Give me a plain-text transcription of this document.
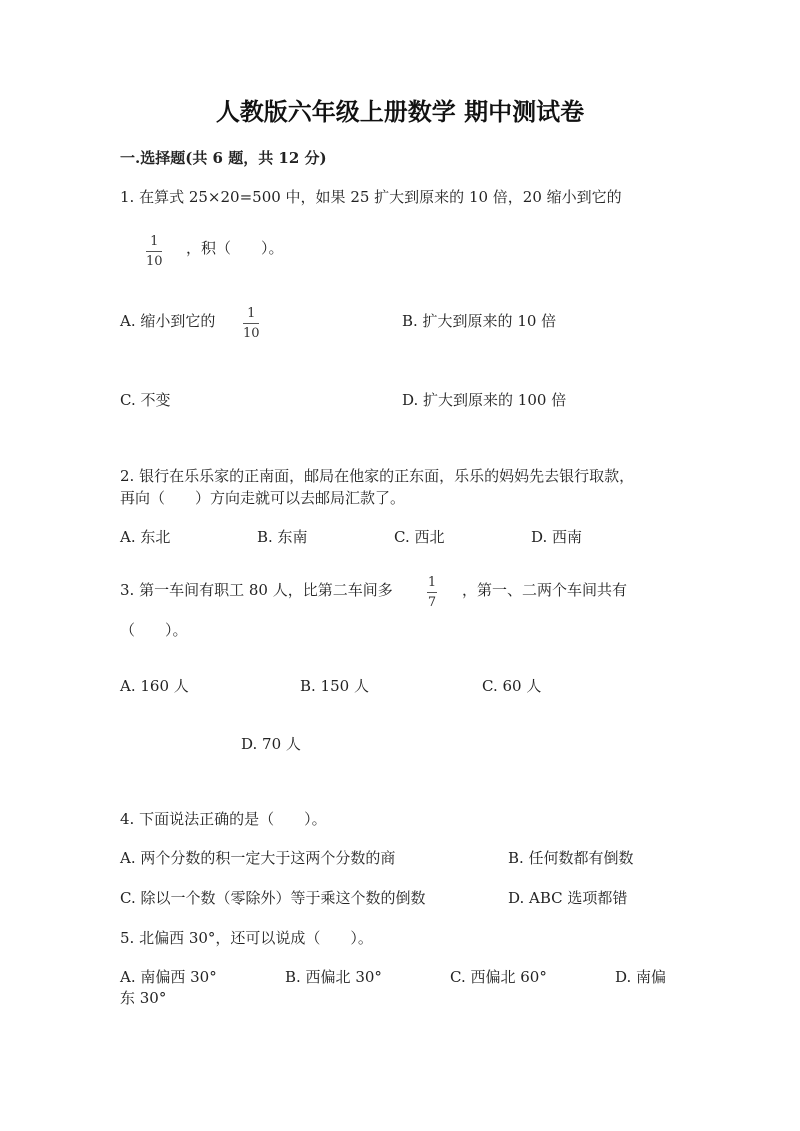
人教版六年级上册数学 期中测试卷
一.选择题(共 6 题，共 12 分)
1. 在算式 25×20=500 中，如果 25 扩大到原来的 10 倍，20 缩小到它的
1
10
，积（　　）。
A. 缩小到它的 1
10
B. 扩大到原来的 10 倍
C. 不变	D. 扩大到原来的 100 倍
2. 银行在乐乐家的正南面，邮局在他家的正东面，乐乐的妈妈先去银行取款，
再向（　　）方向走就可以去邮局汇款了。
A. 东北	B. 东南	C. 西北	D. 西南
3. 第一车间有职工 80 人，比第二车间多	1
7
，第一、二两个车间共有
（　　）。
A. 160 人	B. 150 人	C. 60 人
D. 70 人
4. 下面说法正确的是（　　）。
A. 两个分数的积一定大于这两个分数的商	B. 任何数都有倒数
C. 除以一个数（零除外）等于乘这个数的倒数	D. ABC 选项都错
5. 北偏西 30°，还可以说成（　　）。
A. 南偏西 30°	B. 西偏北 30°	C. 西偏北 60°	D. 南偏
东 30°
